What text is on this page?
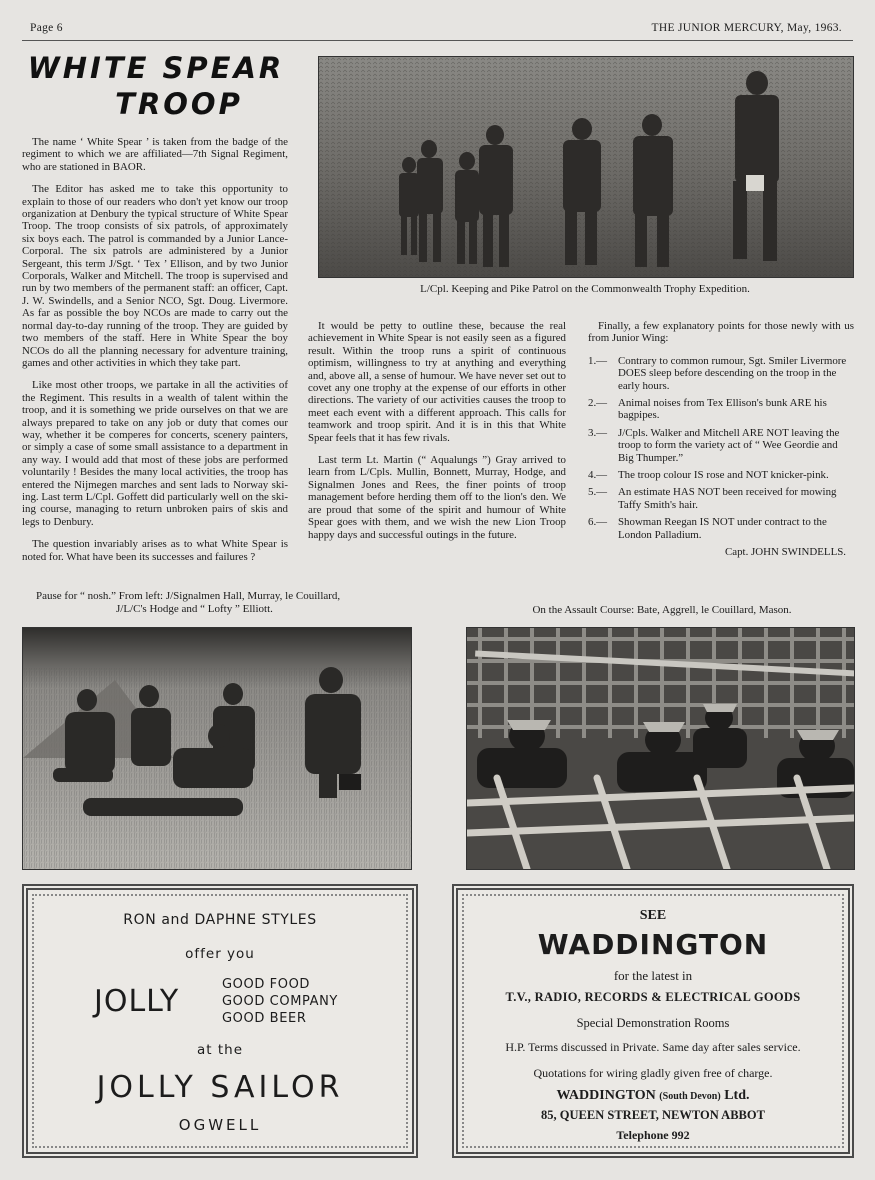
Page 6	THE JUNIOR MERCURY, May, 1963.
WHITE SPEAR
TROOP

The name ‘ White Spear ’ is taken from the badge of the regiment to which we are affiliated—7th Signal Regiment, who are stationed in BAOR.

The Editor has asked me to take this opportunity to explain to those of our readers who don't yet know our troop organization at Denbury the typical structure of White Spear Troop. The troop consists of six patrols, of approximately six boys each. The patrol is commanded by a Junior Lance-Corporal. The six patrols are administered by a Junior Sergeant, this term J/Sgt. ‘ Tex ’ Ellison, and by two Junior Corporals, Walker and Mitchell. The troop is supervised and run by two members of the permanent staff: an officer, Capt. J. W. Swindells, and a Senior NCO, Sgt. Doug. Livermore. As far as possible the boy NCOs are made to carry out the normal day-to-day running of the troop. They are guided by two members of the staff. Here in White Spear the boy NCOs do all the planning necessary for adventure training, games and other activities in which they take part.

Like most other troops, we partake in all the activities of the Regiment. This results in a wealth of talent within the troop, and it is something we pride ourselves on that we are always prepared to take on any job or duty that comes our way, whether it be comperes for concerts, scenery painters, or simply a case of some small assistance to a department in any way. I would add that most of these jobs are performed voluntarily ! Besides the many local activities, the troop has entered the Nijmegen marches and sent lads to Norway ski-ing. Last term L/Cpl. Goffett did particularly well on the ski-ing course, managing to return unbroken pairs of skis and legs to Denbury.

The question invariably arises as to what White Spear is noted for. What have been its successes and failures ?

L/Cpl. Keeping and Pike Patrol on the Commonwealth Trophy Expedition.

It would be petty to outline these, because the real achievement in White Spear is not easily seen as a figured result. Within the troop runs a spirit of continuous optimism, willingness to try at anything and everything and, above all, a sense of humour. We have never set out to covet any one trophy at the expense of our efforts in other directions. The variety of our activities causes the troop to meet each event with a different approach. This calls for teamwork and troop spirit. And it is in this that White Spear feels that it has few rivals.

Last term Lt. Martin (“ Aqualungs ”) Gray arrived to learn from L/Cpls. Mullin, Bonnett, Murray, Hodge, and Signalmen Jones and Rees, the finer points of troop management before herding them off to the lion's den. We are proud that some of the spirit and humour of White Spear goes with them, and we wish the new Lion Troop happy days and successful outings in the future.

Finally, a few explanatory points for those newly with us from Junior Wing:

1.— Contrary to common rumour, Sgt. Smiler Livermore DOES sleep before descending on the troop in the early hours.
2.— Animal noises from Tex Ellison's bunk ARE his bagpipes.
3.— J/Cpls. Walker and Mitchell ARE NOT leaving the troop to form the variety act of “ Wee Geordie and Big Thumper.”
4.— The troop colour IS rose and NOT knicker-pink.
5.— An estimate HAS NOT been received for mowing Taffy Smith's hair.
6.— Showman Reegan IS NOT under contract to the London Palladium.
Capt. JOHN SWINDELLS.
Pause for “ nosh.” From left: J/Signalmen Hall, Murray, le Couillard,
J/L/C's Hodge and “ Lofty ” Elliott.	On the Assault Course: Bate, Aggrell, le Couillard, Mason.
RON and DAPHNE STYLES
offer you
JOLLY	GOOD FOOD
GOOD COMPANY
GOOD BEER
at the
JOLLY SAILOR
OGWELL
SEE
WADDINGTON
for the latest in
T.V., RADIO, RECORDS & ELECTRICAL GOODS
Special Demonstration Rooms
H.P. Terms discussed in Private. Same day after sales service.
Quotations for wiring gladly given free of charge.
WADDINGTON (South Devon) Ltd.
85, QUEEN STREET, NEWTON ABBOT
Telephone 992
